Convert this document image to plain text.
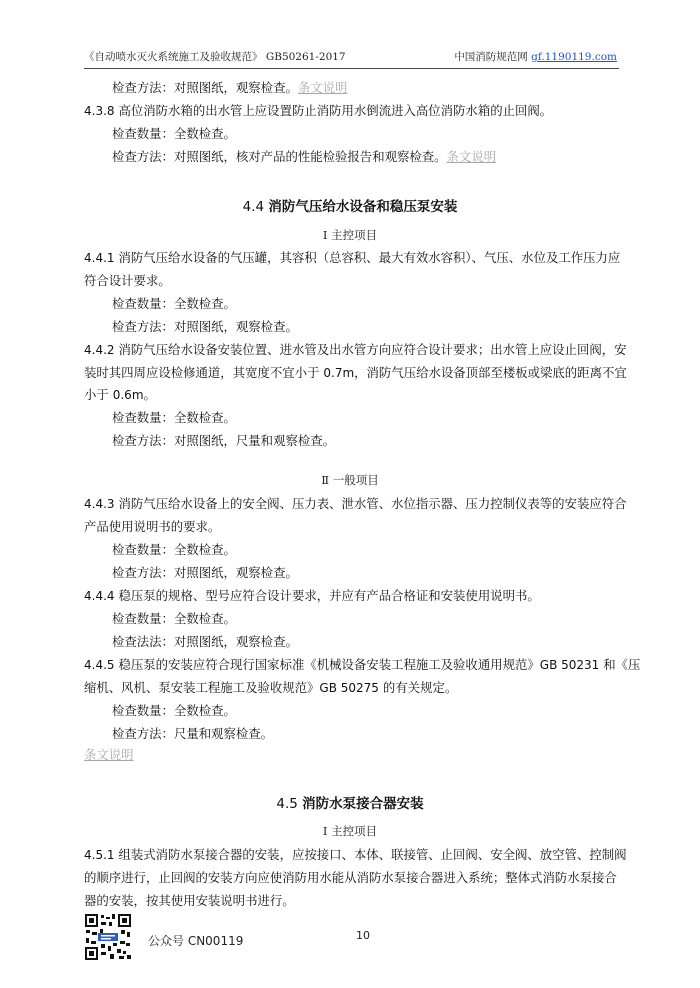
《自动喷水灭火系统施工及验收规范》 GB50261-2017	中国消防规范网 gf.1190119.com
检查方法：对照图纸，观察检查。条文说明
4.3.8 高位消防水箱的出水管上应设置防止消防用水倒流进入高位消防水箱的止回阀。
检查数量：全数检查。
检查方法：对照图纸，核对产品的性能检验报告和观察检查。条文说明
4.4 消防气压给水设备和稳压泵安装
Ⅰ 主控项目
4.4.1 消防气压给水设备的气压罐，其容积（总容积、最大有效水容积）、气压、水位及工作压力应
符合设计要求。
检查数量：全数检查。
检查方法：对照图纸，观察检查。
4.4.2 消防气压给水设备安装位置、进水管及出水管方向应符合设计要求；出水管上应设止回阀，安
装时其四周应设检修通道，其宽度不宜小于 0.7m，消防气压给水设备顶部至楼板或梁底的距离不宜
小于 0.6m。
检查数量：全数检查。
检查方法：对照图纸，尺量和观察检查。
Ⅱ 一般项目
4.4.3 消防气压给水设备上的安全阀、压力表、泄水管、水位指示器、压力控制仪表等的安装应符合
产品使用说明书的要求。
检查数量：全数检查。
检查方法：对照图纸，观察检查。
4.4.4 稳压泵的规格、型号应符合设计要求，并应有产品合格证和安装使用说明书。
检查数量：全数检查。
检查法法：对照图纸，观察检查。
4.4.5 稳压泵的安装应符合现行国家标准《机械设备安装工程施工及验收通用规范》GB 50231 和《压
缩机、风机、泵安装工程施工及验收规范》GB 50275 的有关规定。
检查数量：全数检查。
检查方法：尺量和观察检查。
条文说明
4.5 消防水泵接合器安装
Ⅰ 主控项目
4.5.1 组装式消防水泵接合器的安装，应按接口、本体、联接管、止回阀、安全阀、放空管、控制阀
的顺序进行，止回阀的安装方向应使消防用水能从消防水泵接合器进入系统；整体式消防水泵接合
器的安装，按其使用安装说明书进行。
公众号 CN00119	10
